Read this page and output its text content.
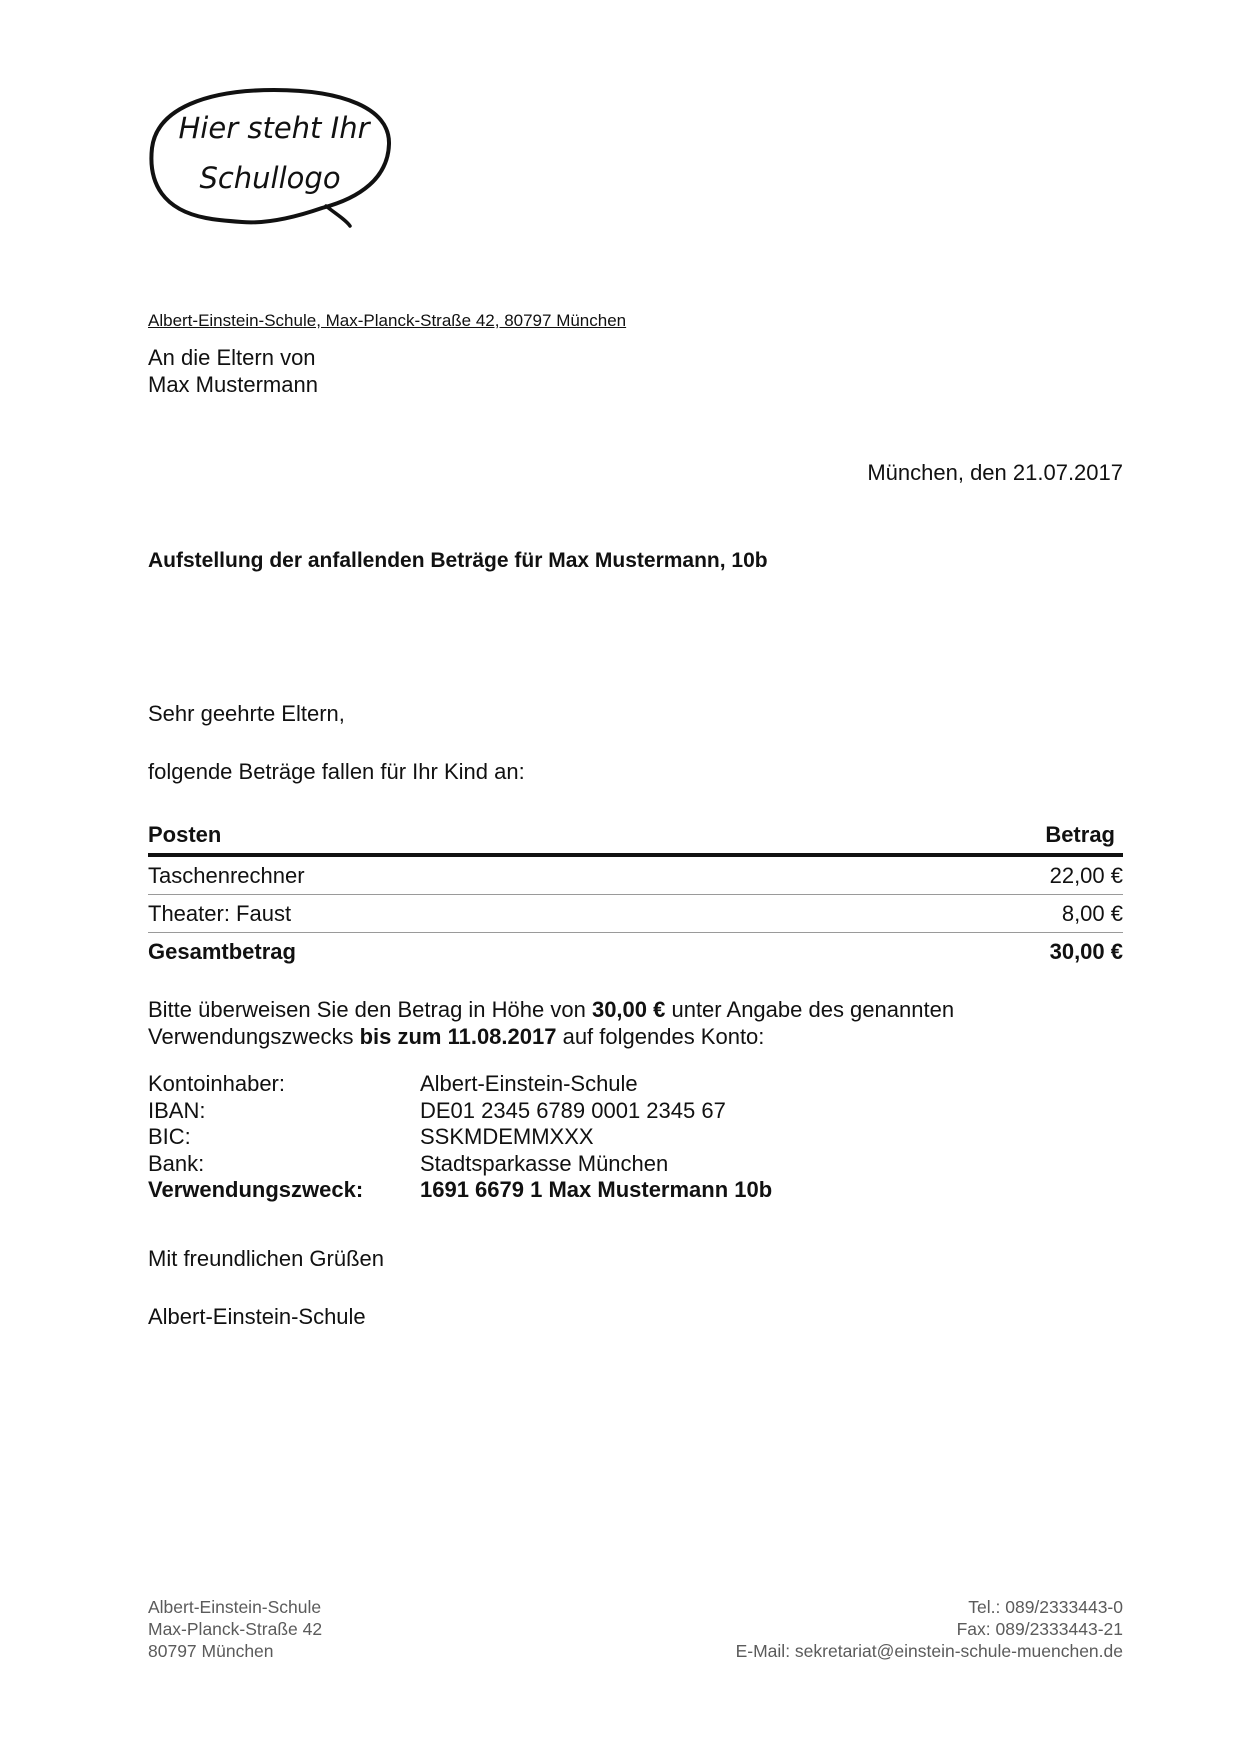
Hier steht Ihr
Schullogo
Albert-Einstein-Schule, Max-Planck-Straße 42, 80797 München
An die Eltern von
Max Mustermann
München, den 21.07.2017
Aufstellung der anfallenden Beträge für Max Mustermann, 10b
Sehr geehrte Eltern,
folgende Beträge fallen für Ihr Kind an:
Posten	Betrag
Taschenrechner	22,00 €
Theater: Faust	8,00 €
Gesamtbetrag	30,00 €
Bitte überweisen Sie den Betrag in Höhe von 30,00 € unter Angabe des genannten
Verwendungszwecks bis zum 11.08.2017 auf folgendes Konto:
Kontoinhaber:	Albert-Einstein-Schule
IBAN:	DE01 2345 6789 0001 2345 67
BIC:	SSKMDEMMXXX
Bank:	Stadtsparkasse München
Verwendungszweck:	1691 6679 1 Max Mustermann 10b
Mit freundlichen Grüßen
Albert-Einstein-Schule
Albert-Einstein-Schule
Max-Planck-Straße 42
80797 München
Tel.: 089/2333443-0
Fax: 089/2333443-21
E-Mail: sekretariat@einstein-schule-muenchen.de
